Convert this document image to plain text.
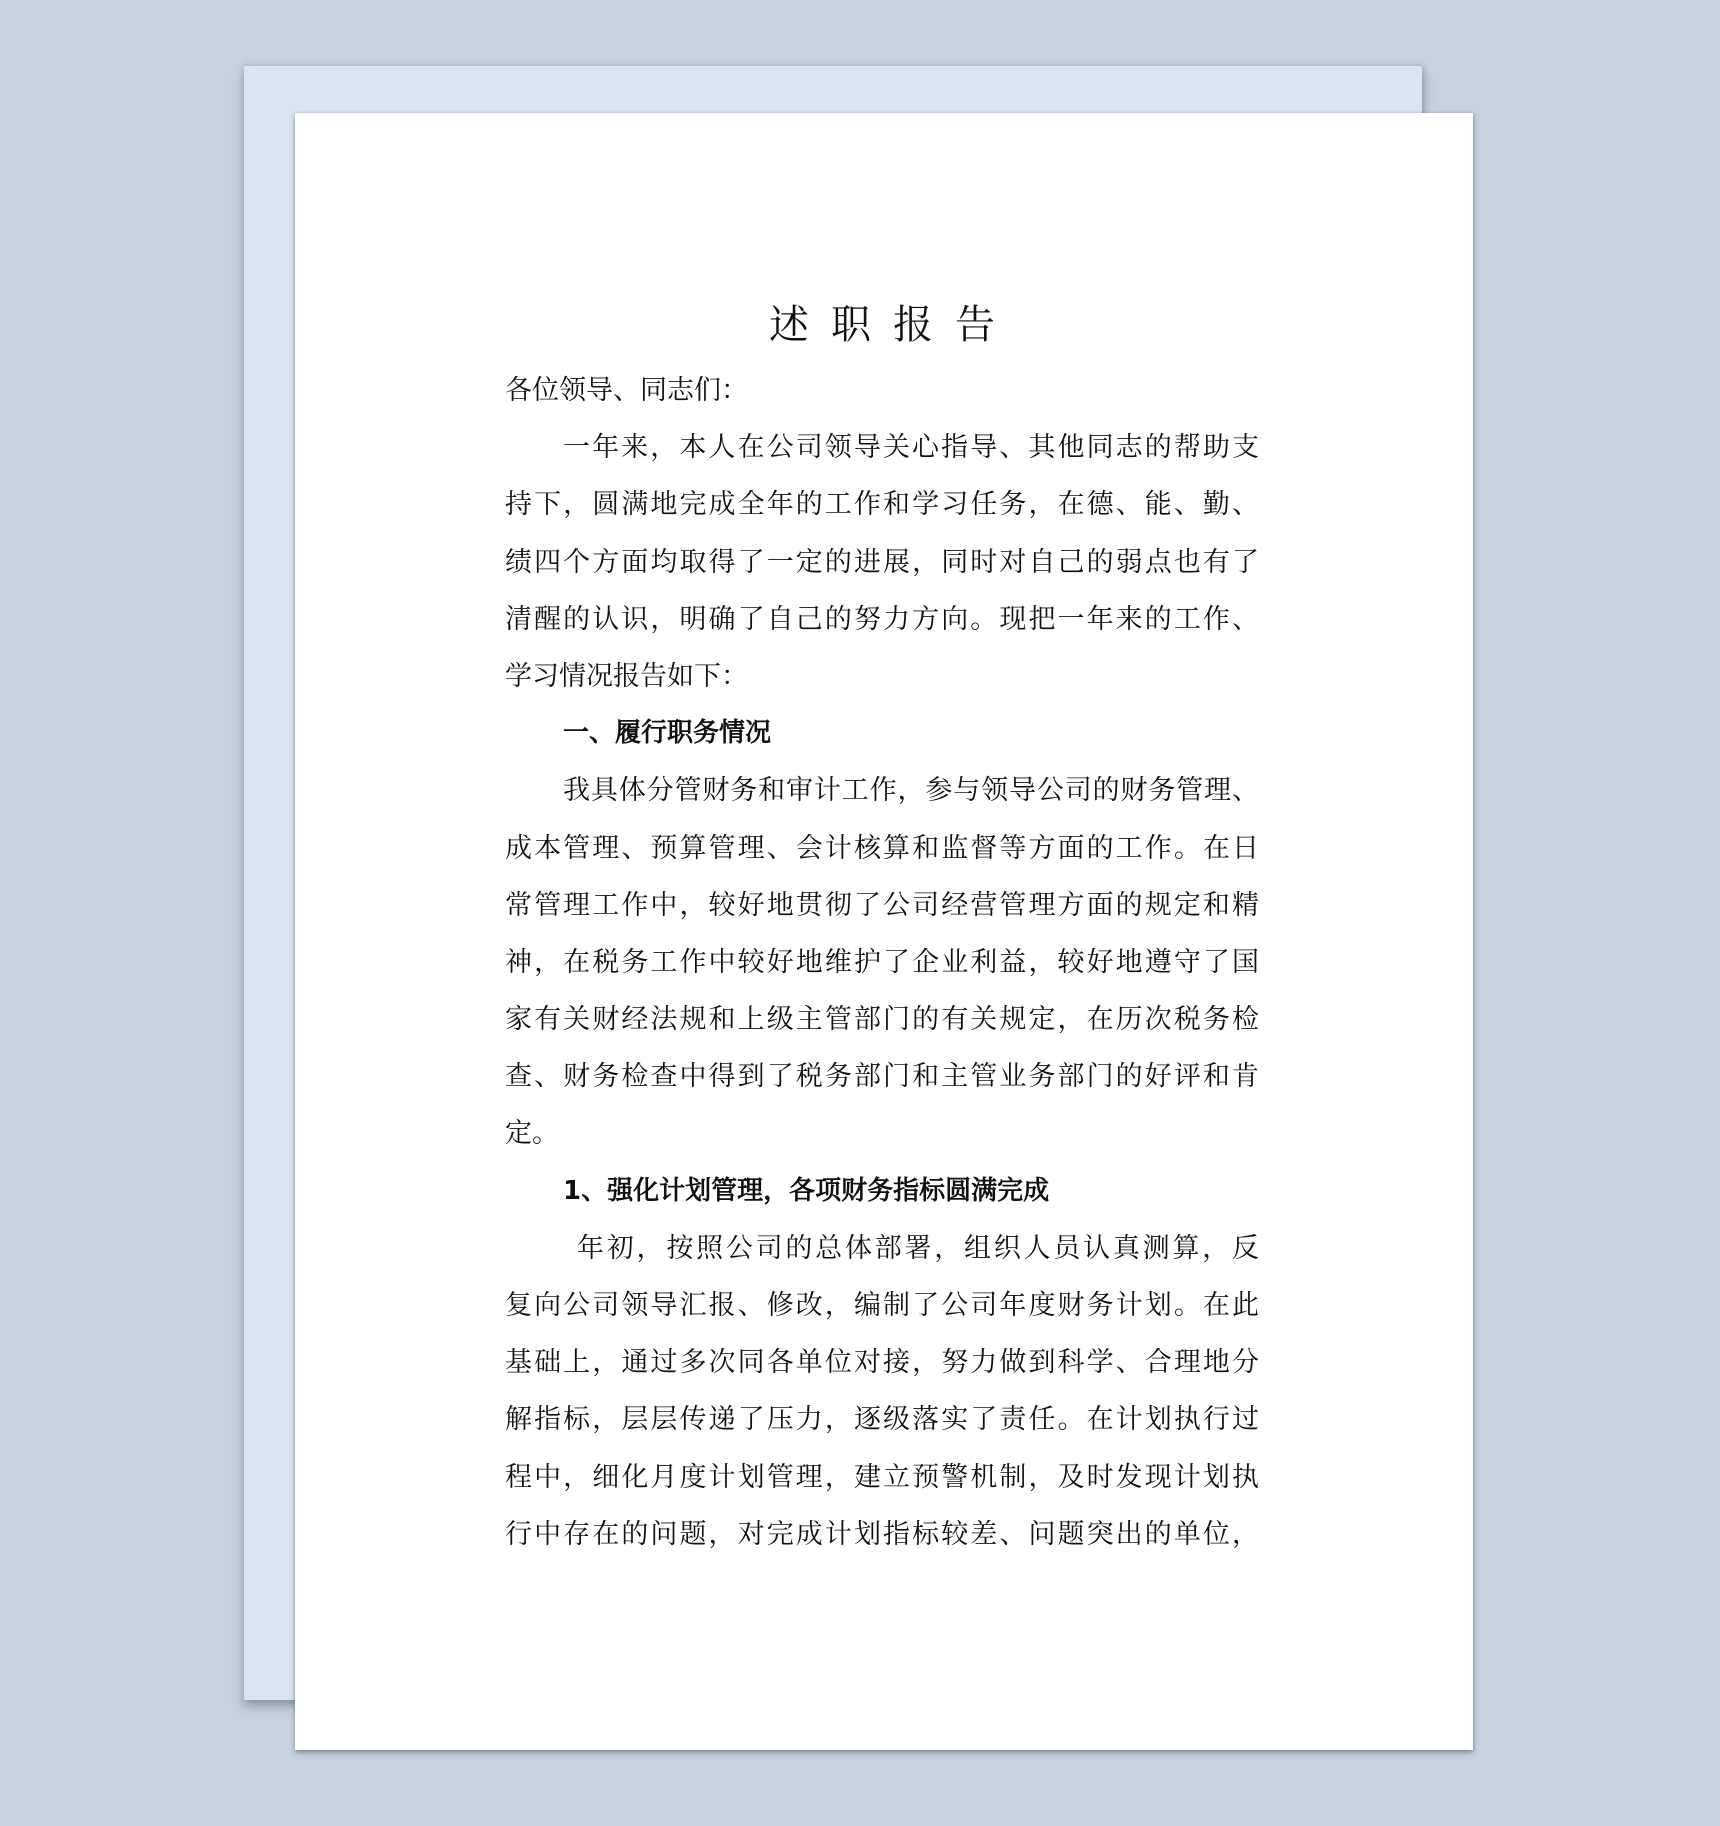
述职报告
各位领导、同志们：
一年来，本人在公司领导关心指导、其他同志的帮助支
持下，圆满地完成全年的工作和学习任务，在德、能、勤、
绩四个方面均取得了一定的进展，同时对自己的弱点也有了
清醒的认识，明确了自己的努力方向。现把一年来的工作、
学习情况报告如下：
一、履行职务情况
我具体分管财务和审计工作，参与领导公司的财务管理、
成本管理、预算管理、会计核算和监督等方面的工作。在日
常管理工作中，较好地贯彻了公司经营管理方面的规定和精
神，在税务工作中较好地维护了企业利益，较好地遵守了国
家有关财经法规和上级主管部门的有关规定，在历次税务检
查、财务检查中得到了税务部门和主管业务部门的好评和肯
定。
1、强化计划管理，各项财务指标圆满完成
年初，按照公司的总体部署，组织人员认真测算，反
复向公司领导汇报、修改，编制了公司年度财务计划。在此
基础上，通过多次同各单位对接，努力做到科学、合理地分
解指标，层层传递了压力，逐级落实了责任。在计划执行过
程中，细化月度计划管理，建立预警机制，及时发现计划执
行中存在的问题，对完成计划指标较差、问题突出的单位，
